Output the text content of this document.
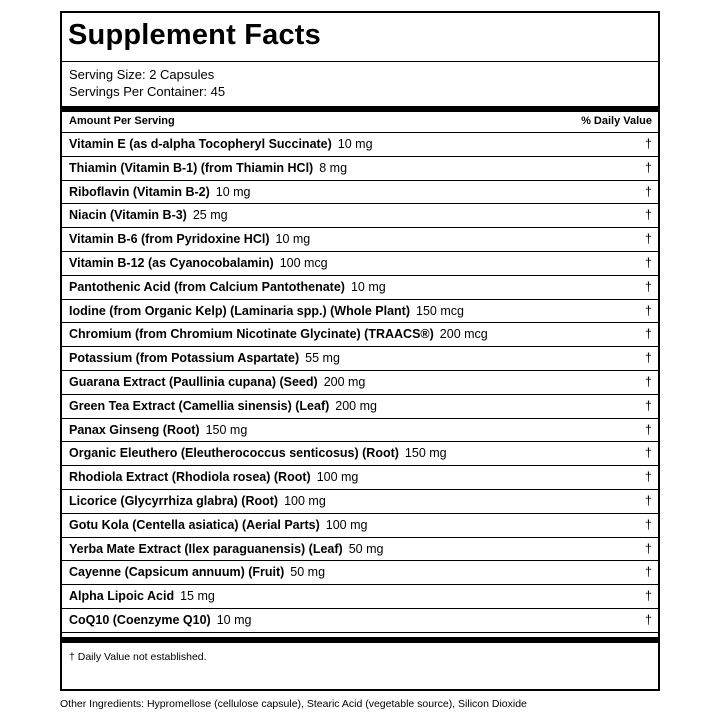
Supplement Facts
Serving Size: 2 Capsules
Servings Per Container: 45
Amount Per Serving	% Daily Value
Vitamin E (as d-alpha Tocopheryl Succinate) 10 mg	†
Thiamin (Vitamin B-1) (from Thiamin HCl) 8 mg	†
Riboflavin (Vitamin B-2) 10 mg	†
Niacin (Vitamin B-3) 25 mg	†
Vitamin B-6 (from Pyridoxine HCl) 10 mg	†
Vitamin B-12 (as Cyanocobalamin) 100 mcg	†
Pantothenic Acid (from Calcium Pantothenate) 10 mg	†
Iodine (from Organic Kelp) (Laminaria spp.) (Whole Plant) 150 mcg	†
Chromium (from Chromium Nicotinate Glycinate) (TRAACS®) 200 mcg	†
Potassium (from Potassium Aspartate) 55 mg	†
Guarana Extract (Paullinia cupana) (Seed) 200 mg	†
Green Tea Extract (Camellia sinensis) (Leaf) 200 mg	†
Panax Ginseng (Root) 150 mg	†
Organic Eleuthero (Eleutherococcus senticosus) (Root) 150 mg	†
Rhodiola Extract (Rhodiola rosea) (Root) 100 mg	†
Licorice (Glycyrrhiza glabra) (Root) 100 mg	†
Gotu Kola (Centella asiatica) (Aerial Parts) 100 mg	†
Yerba Mate Extract (Ilex paraguanensis) (Leaf) 50 mg	†
Cayenne (Capsicum annuum) (Fruit) 50 mg	†
Alpha Lipoic Acid 15 mg	†
CoQ10 (Coenzyme Q10) 10 mg	†
† Daily Value not established.
Other Ingredients: Hypromellose (cellulose capsule), Stearic Acid (vegetable source), Silicon Dioxide
